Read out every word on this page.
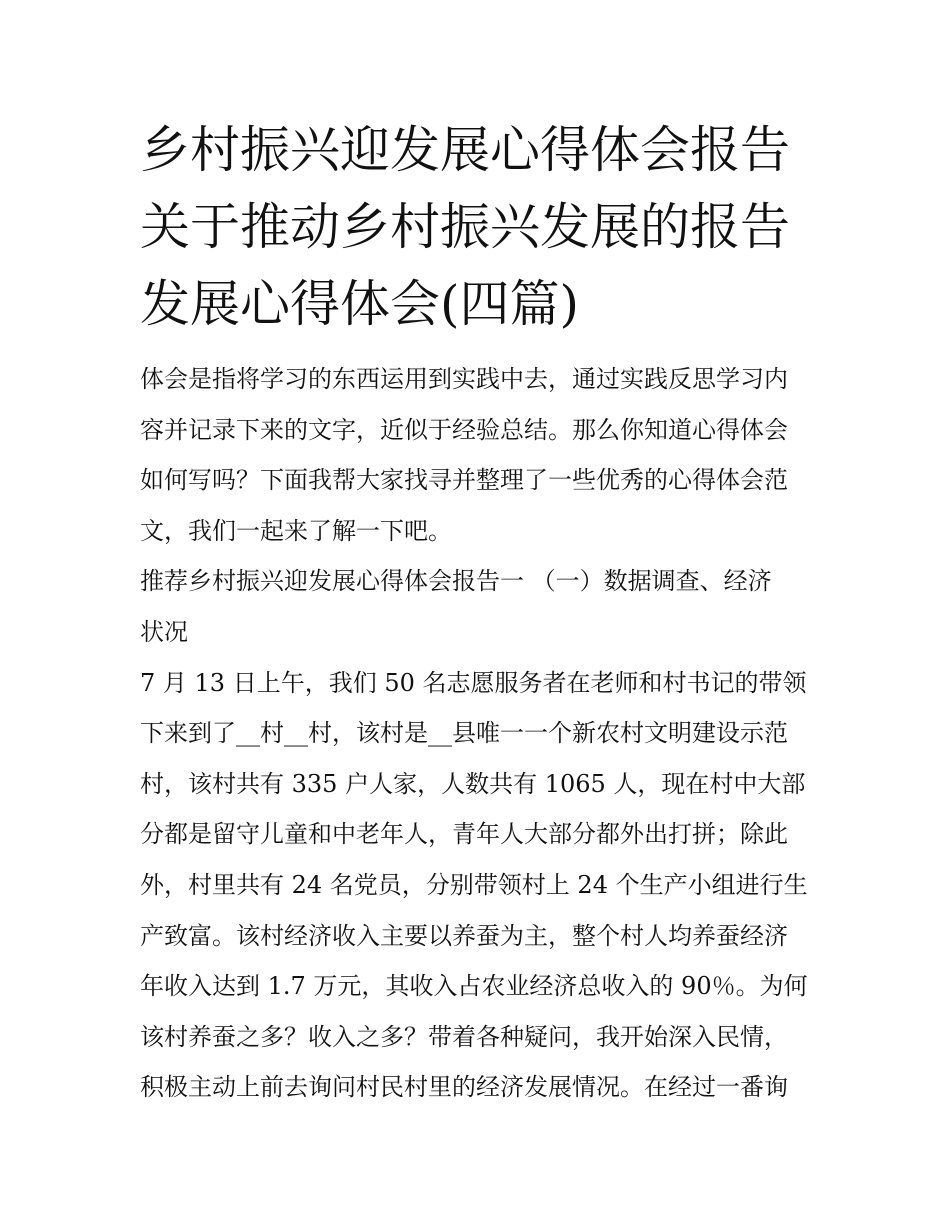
乡村振兴迎发展心得体会报告
关于推动乡村振兴发展的报告
发展心得体会(四篇)
体会是指将学习的东西运用到实践中去，通过实践反思学习内
容并记录下来的文字，近似于经验总结。那么你知道心得体会
如何写吗？下面我帮大家找寻并整理了一些优秀的心得体会范
文，我们一起来了解一下吧。
推荐乡村振兴迎发展心得体会报告一 （一）数据调查、经济
状况
7 月 13 日上午，我们 50 名志愿服务者在老师和村书记的带领
下来到了__村__村，该村是__县唯一一个新农村文明建设示范
村，该村共有 335 户人家，人数共有 1065 人，现在村中大部
分都是留守儿童和中老年人，青年人大部分都外出打拼；除此
外，村里共有 24 名党员，分别带领村上 24 个生产小组进行生
产致富。该村经济收入主要以养蚕为主，整个村人均养蚕经济
年收入达到 1.7 万元，其收入占农业经济总收入的 90％。为何
该村养蚕之多？收入之多？带着各种疑问，我开始深入民情，
积极主动上前去询问村民村里的经济发展情况。在经过一番询
